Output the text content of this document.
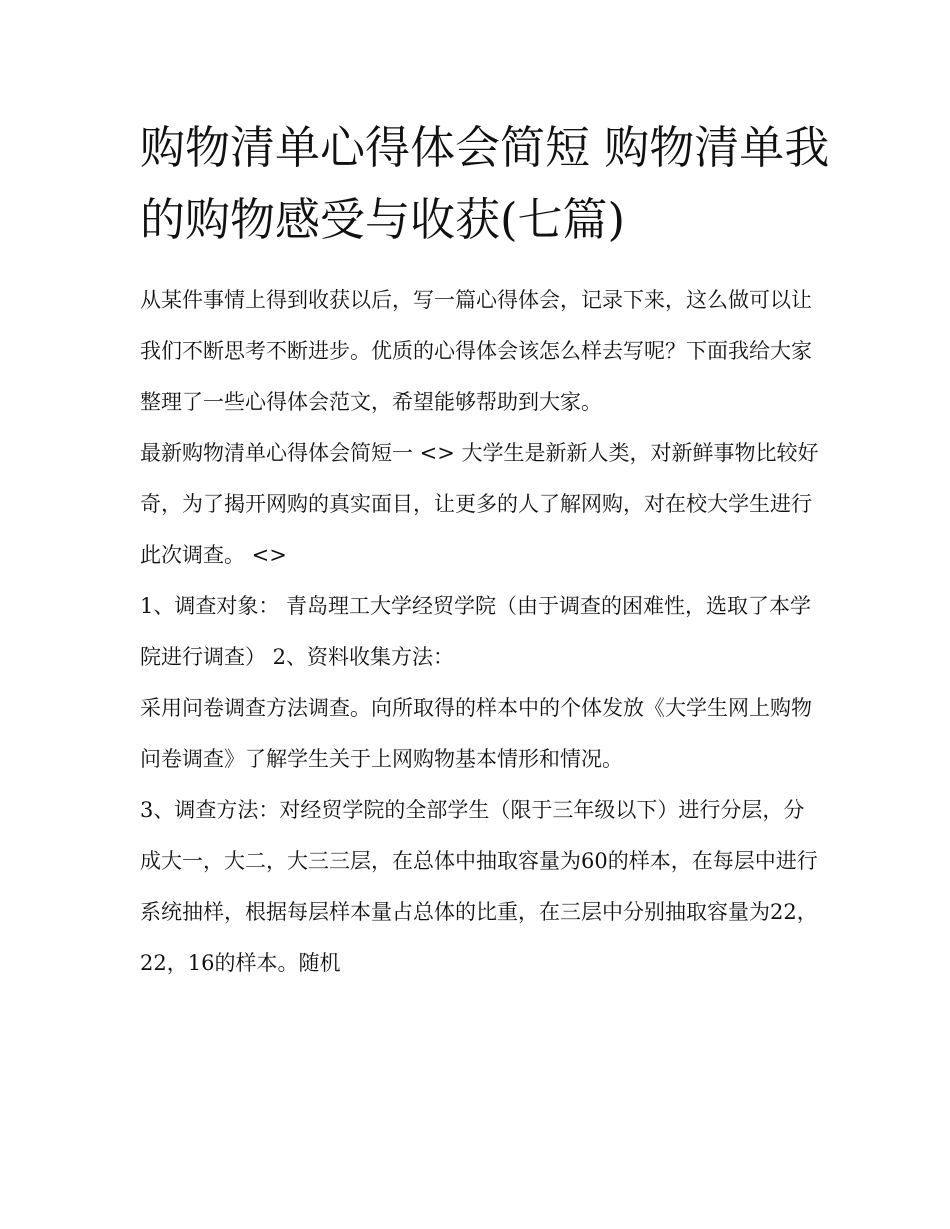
购物清单心得体会简短 购物清单我的购物感受与收获(七篇)

从某件事情上得到收获以后，写一篇心得体会，记录下来，这么做可以让我们不断思考不断进步。优质的心得体会该怎么样去写呢？下面我给大家整理了一些心得体会范文，希望能够帮助到大家。

最新购物清单心得体会简短一 <> 大学生是新新人类，对新鲜事物比较好奇，为了揭开网购的真实面目，让更多的人了解网购，对在校大学生进行此次调查。 <>

1、调查对象： 青岛理工大学经贸学院（由于调查的困难性，选取了本学院进行调查） 2、资料收集方法：

采用问卷调查方法调查。向所取得的样本中的个体发放《大学生网上购物问卷调查》了解学生关于上网购物基本情形和情况。

3、调查方法：对经贸学院的全部学生（限于三年级以下）进行分层，分成大一，大二，大三三层，在总体中抽取容量为60的样本，在每层中进行系统抽样，根据每层样本量占总体的比重，在三层中分别抽取容量为22，22，16的样本。随机
